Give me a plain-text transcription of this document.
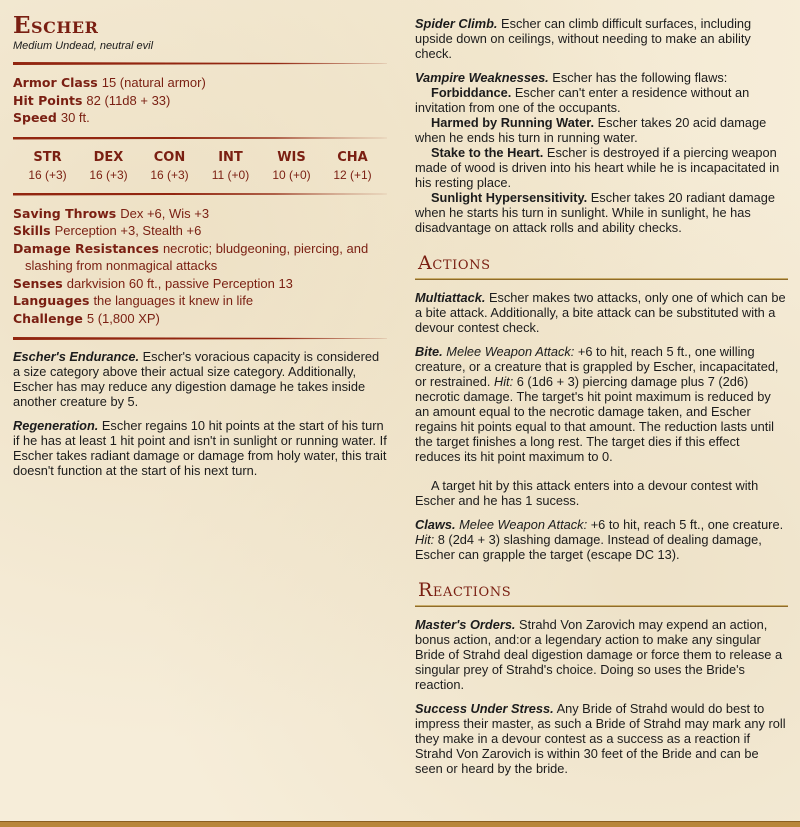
Escher
Medium Undead, neutral evil
Armor Class 15 (natural armor)
Hit Points 82 (11d8 + 33)
Speed 30 ft.
STR
16 (+3)
DEX
16 (+3)
CON
16 (+3)
INT
11 (+0)
WIS
10 (+0)
CHA
12 (+1)
Saving Throws Dex +6, Wis +3
Skills Perception +3, Stealth +6
Damage Resistances necrotic; bludgeoning, piercing, and slashing from nonmagical attacks
Senses darkvision 60 ft., passive Perception 13
Languages the languages it knew in life
Challenge 5 (1,800 XP)

Escher's Endurance. Escher's voracious capacity is considered a size category above their actual size category. Additionally, Escher has may reduce any digestion damage he takes inside another creature by 5.

Regeneration. Escher regains 10 hit points at the start of his turn if he has at least 1 hit point and isn't in sunlight or running water. If Escher takes radiant damage or damage from holy water, this trait doesn't function at the start of his next turn.

Spider Climb. Escher can climb difficult surfaces, including upside down on ceilings, without needing to make an ability check.

Vampire Weaknesses. Escher has the following flaws:

Forbiddance. Escher can't enter a residence without an invitation from one of the occupants.

Harmed by Running Water. Escher takes 20 acid damage when he ends his turn in running water.

Stake to the Heart. Escher is destroyed if a piercing weapon made of wood is driven into his heart while he is incapacitated in his resting place.

Sunlight Hypersensitivity. Escher takes 20 radiant damage when he starts his turn in sunlight. While in sunlight, he has disadvantage on attack rolls and ability checks.

Actions

Multiattack. Escher makes two attacks, only one of which can be a bite attack. Additionally, a bite attack can be substituted with a devour contest check.

Bite. Melee Weapon Attack: +6 to hit, reach 5 ft., one willing creature, or a creature that is grappled by Escher, incapacitated, or restrained. Hit: 6 (1d6 + 3) piercing damage plus 7 (2d6) necrotic damage. The target's hit point maximum is reduced by an amount equal to the necrotic damage taken, and Escher regains hit points equal to that amount. The reduction lasts until the target finishes a long rest. The target dies if this effect reduces its hit point maximum to 0.

A target hit by this attack enters into a devour contest with Escher and he has 1 sucess.

Claws. Melee Weapon Attack: +6 to hit, reach 5 ft., one creature. Hit: 8 (2d4 + 3) slashing damage. Instead of dealing damage, Escher can grapple the target (escape DC 13).

Reactions

Master's Orders. Strahd Von Zarovich may expend an action, bonus action, and:or a legendary action to make any singular Bride of Strahd deal digestion damage or force them to release a singular prey of Strahd's choice. Doing so uses the Bride's reaction.

Success Under Stress. Any Bride of Strahd would do best to impress their master, as such a Bride of Strahd may mark any roll they make in a devour contest as a success as a reaction if Strahd Von Zarovich is within 30 feet of the Bride and can be seen or heard by the bride.
